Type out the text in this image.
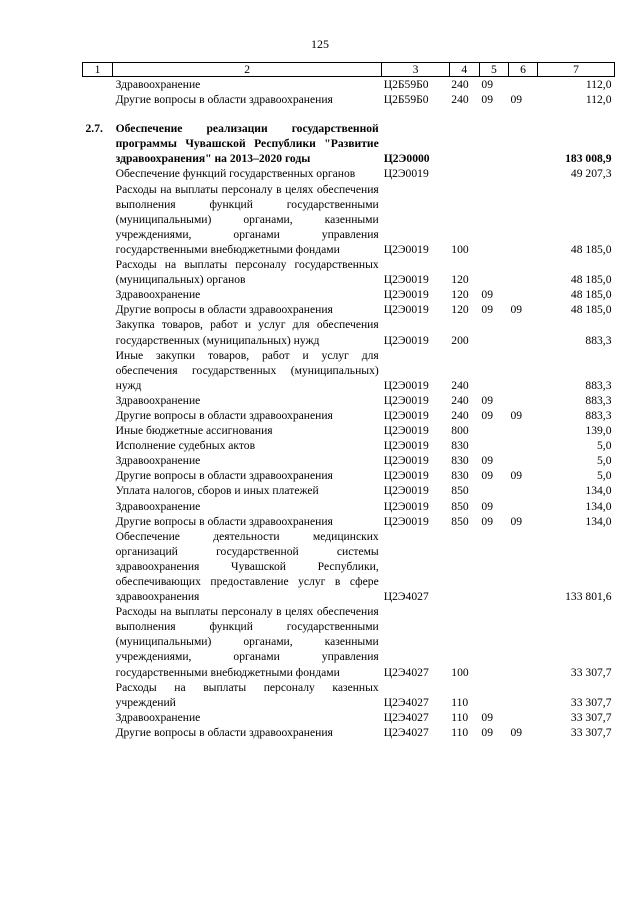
125
1	2	3	4	5	6	7
	Здравоохранение	Ц2Б59Б0	240	09		112,0
	Другие вопросы в области здравоохранения	Ц2Б59Б0	240	09	09	112,0

2.7.	Обеспечение реализации государственной программы Чувашской Республики "Развитие здравоохранения" на 2013–2020 годы	Ц2Э0000				183 008,9
	Обеспечение функций государственных органов	Ц2Э0019				49 207,3
	Расходы на выплаты персоналу в целях обеспечения выполнения функций государственными (муниципальными) органами, казенными учреждениями, органами управления государственными внебюджетными фондами	Ц2Э0019	100			48 185,0
	Расходы на выплаты персоналу государственных (муниципальных) органов	Ц2Э0019	120			48 185,0
	Здравоохранение	Ц2Э0019	120	09		48 185,0
	Другие вопросы в области здравоохранения	Ц2Э0019	120	09	09	48 185,0
	Закупка товаров, работ и услуг для обеспечения государственных (муниципальных) нужд	Ц2Э0019	200			883,3
	Иные закупки товаров, работ и услуг для обеспечения государственных (муниципальных) нужд	Ц2Э0019	240			883,3
	Здравоохранение	Ц2Э0019	240	09		883,3
	Другие вопросы в области здравоохранения	Ц2Э0019	240	09	09	883,3
	Иные бюджетные ассигнования	Ц2Э0019	800			139,0
	Исполнение судебных актов	Ц2Э0019	830			5,0
	Здравоохранение	Ц2Э0019	830	09		5,0
	Другие вопросы в области здравоохранения	Ц2Э0019	830	09	09	5,0
	Уплата налогов, сборов и иных платежей	Ц2Э0019	850			134,0
	Здравоохранение	Ц2Э0019	850	09		134,0
	Другие вопросы в области здравоохранения	Ц2Э0019	850	09	09	134,0
	Обеспечение деятельности медицинских организаций государственной системы здравоохранения Чувашской Республики, обеспечивающих предоставление услуг в сфере здравоохранения	Ц2Э4027				133 801,6
	Расходы на выплаты персоналу в целях обеспечения выполнения функций государственными (муниципальными) органами, казенными учреждениями, органами управления государственными внебюджетными фондами	Ц2Э4027	100			33 307,7
	Расходы на выплаты персоналу казенных учреждений	Ц2Э4027	110			33 307,7
	Здравоохранение	Ц2Э4027	110	09		33 307,7
	Другие вопросы в области здравоохранения	Ц2Э4027	110	09	09	33 307,7
